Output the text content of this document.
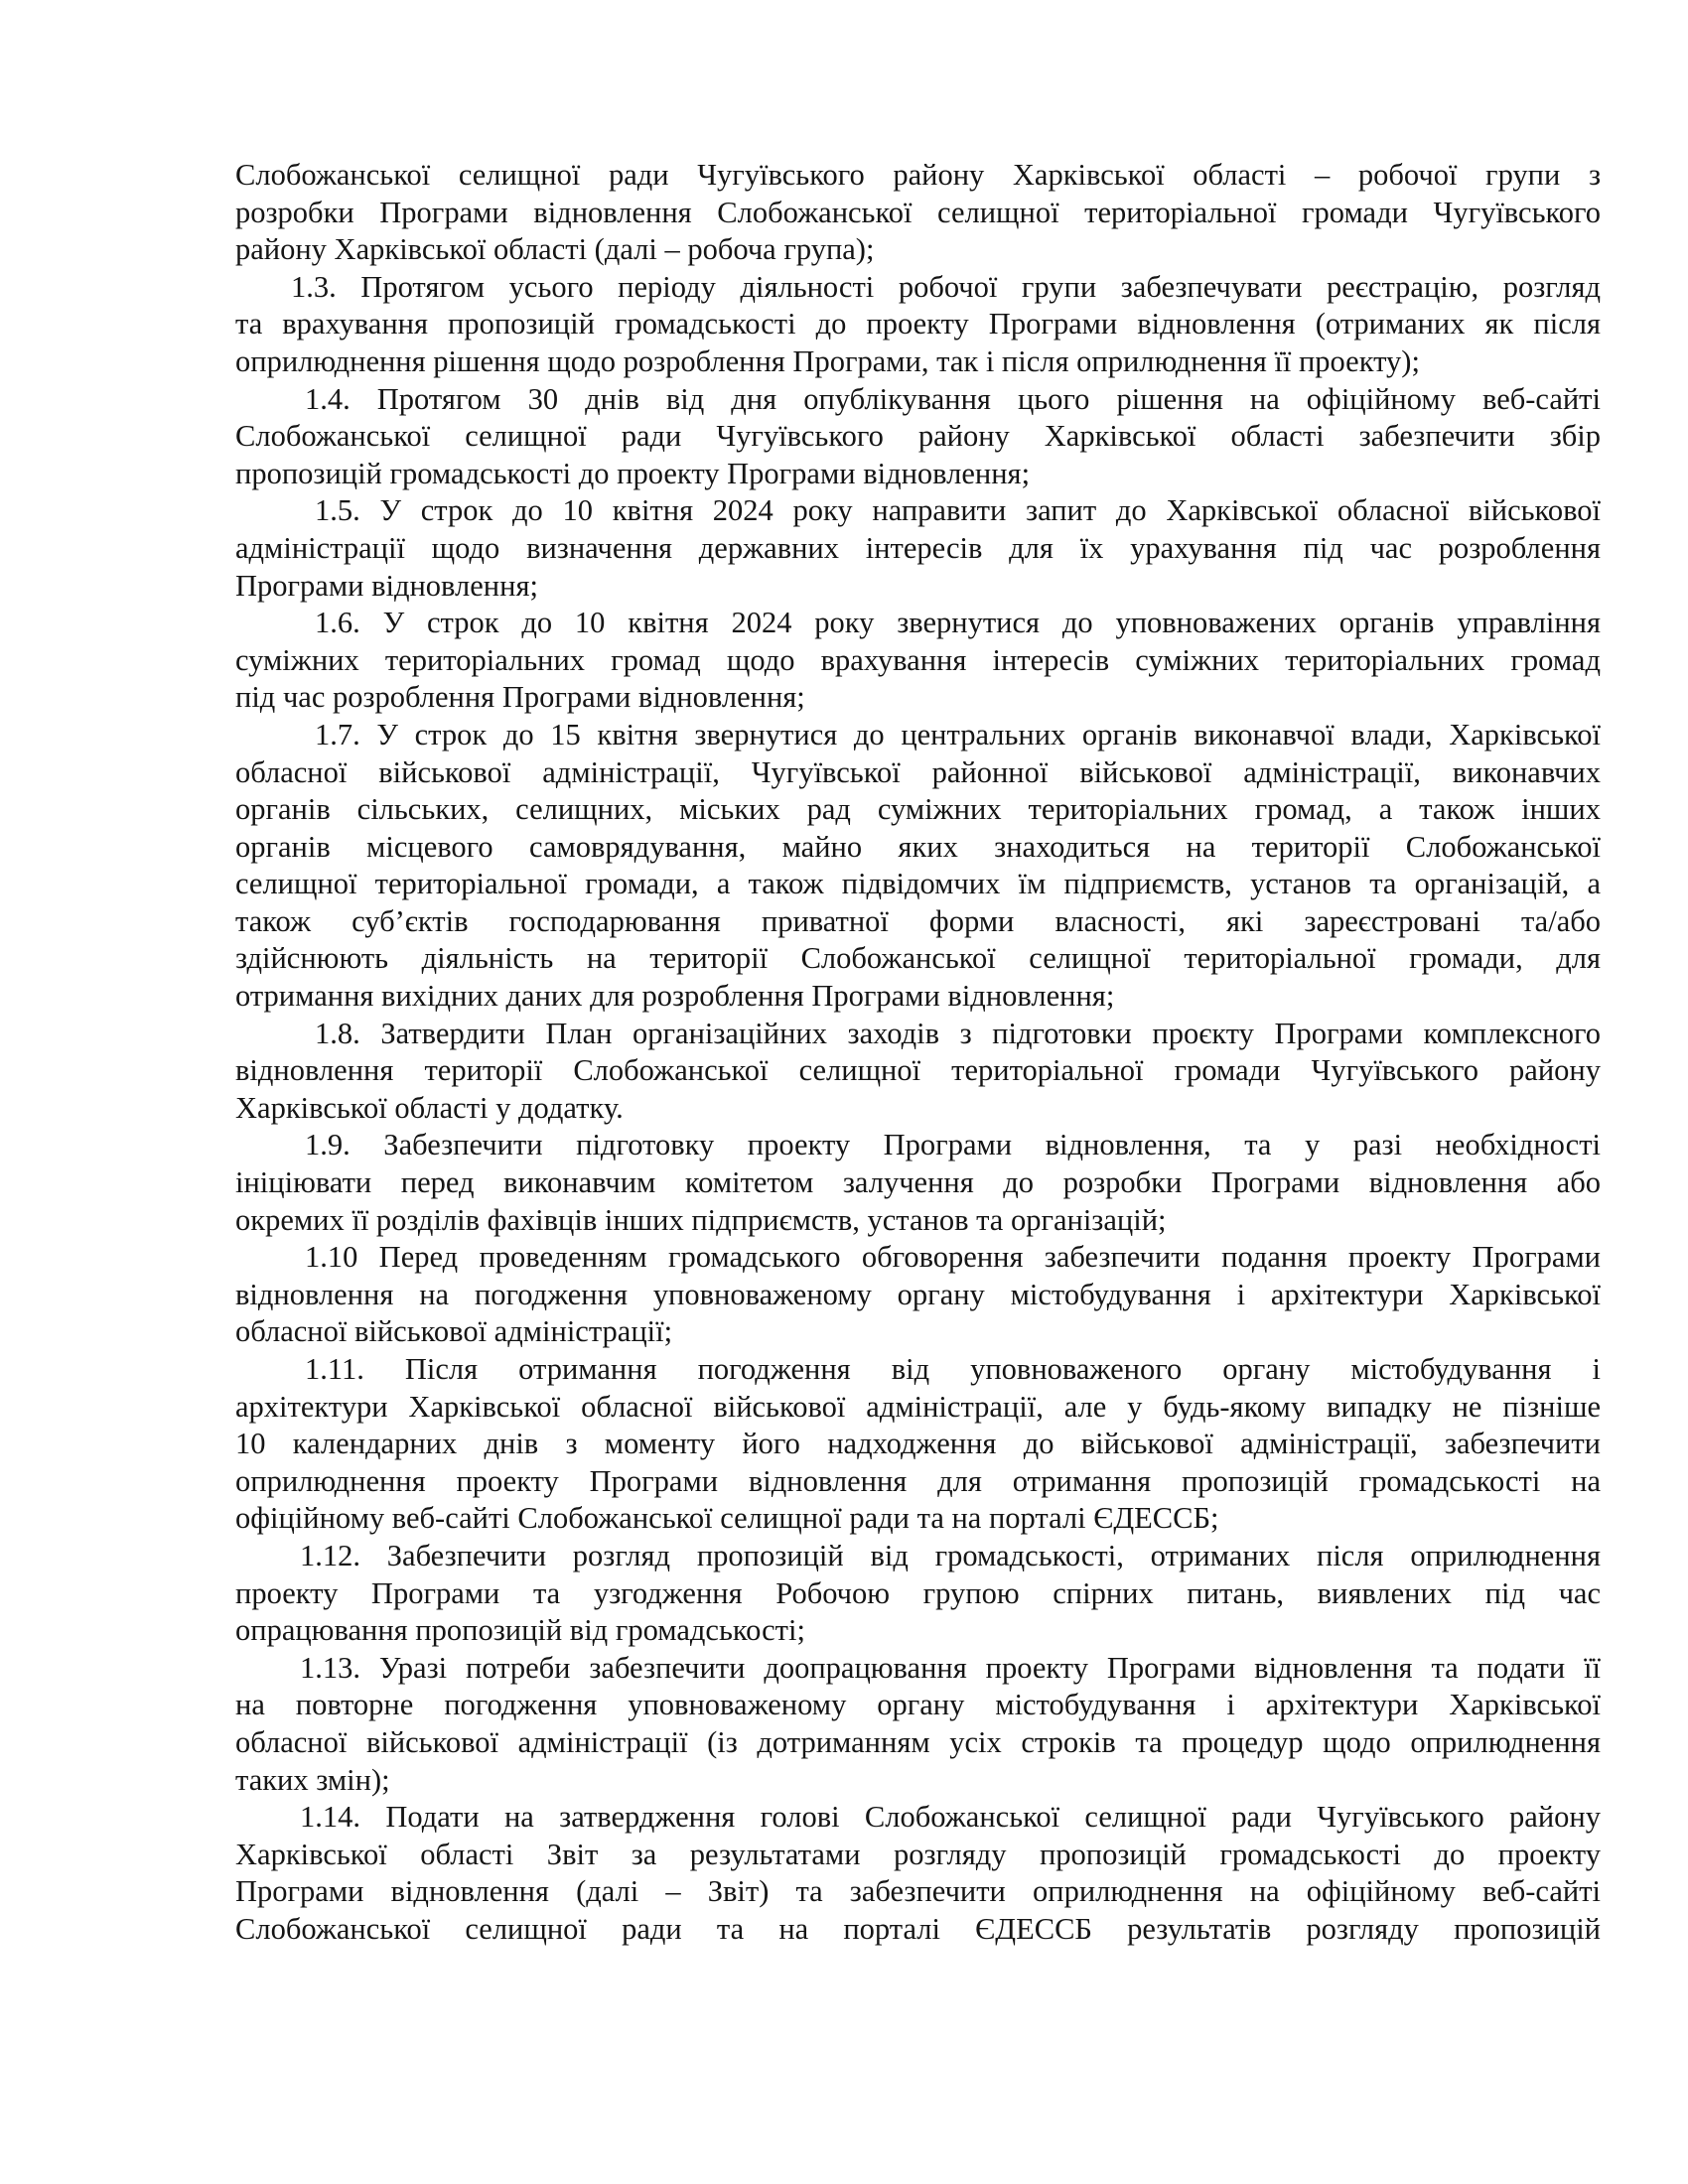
Слобожанської селищної ради Чугуївського району Харківської області – робочої групи з
розробки Програми відновлення Слобожанської селищної територіальної громади Чугуївського
району Харківської області (далі – робоча група);
1.3. Протягом усього періоду діяльності робочої групи забезпечувати реєстрацію, розгляд
та врахування пропозицій громадськості до проекту Програми відновлення (отриманих як після
оприлюднення рішення щодо розроблення Програми, так і після оприлюднення її проекту);
1.4. Протягом 30 днів від дня опублікування цього рішення на офіційному веб-сайті
Слобожанської селищної ради Чугуївського району Харківської області забезпечити збір
пропозицій громадськості до проекту Програми відновлення;
1.5. У строк до 10 квітня 2024 року направити запит до Харківської обласної військової
адміністрації щодо визначення державних інтересів для їх урахування під час розроблення
Програми відновлення;
1.6. У строк до 10 квітня 2024 року звернутися до уповноважених органів управління
суміжних територіальних громад щодо врахування інтересів суміжних територіальних громад
під час розроблення Програми відновлення;
1.7. У строк до 15 квітня звернутися до центральних органів виконавчої влади, Харківської
обласної військової адміністрації, Чугуївської районної військової адміністрації, виконавчих
органів сільських, селищних, міських рад суміжних територіальних громад, а також інших
органів місцевого самоврядування, майно яких знаходиться на території Слобожанської
селищної територіальної громади, а також підвідомчих їм підприємств, установ та організацій, а
також суб’єктів господарювання приватної форми власності, які зареєстровані та/або
здійснюють діяльність на території Слобожанської селищної територіальної громади, для
отримання вихідних даних для розроблення Програми відновлення;
1.8. Затвердити План організаційних заходів з підготовки проєкту Програми комплексного
відновлення території Слобожанської селищної територіальної громади Чугуївського району
Харківської області у додатку.
1.9. Забезпечити підготовку проекту Програми відновлення, та у разі необхідності
ініціювати перед виконавчим комітетом залучення до розробки Програми відновлення або
окремих її розділів фахівців інших підприємств, установ та організацій;
1.10 Перед проведенням громадського обговорення забезпечити подання проекту Програми
відновлення на погодження уповноваженому органу містобудування і архітектури Харківської
обласної військової адміністрації;
1.11. Після отримання погодження від уповноваженого органу містобудування і
архітектури Харківської обласної військової адміністрації, але у будь-якому випадку не пізніше
10 календарних днів з моменту його надходження до військової адміністрації, забезпечити
оприлюднення проекту Програми відновлення для отримання пропозицій громадськості на
офіційному веб-сайті Слобожанської селищної ради та на порталі ЄДЕССБ;
1.12. Забезпечити розгляд пропозицій від громадськості, отриманих після оприлюднення
проекту Програми та узгодження Робочою групою спірних питань, виявлених під час
опрацювання пропозицій від громадськості;
1.13. Уразі потреби забезпечити доопрацювання проекту Програми відновлення та подати її
на повторне погодження уповноваженому органу містобудування і архітектури Харківської
обласної військової адміністрації (із дотриманням усіх строків та процедур щодо оприлюднення
таких змін);
1.14. Подати на затвердження голові Слобожанської селищної ради Чугуївського району
Харківської області Звіт за результатами розгляду пропозицій громадськості до проекту
Програми відновлення (далі – Звіт) та забезпечити оприлюднення на офіційному веб-сайті
Слобожанської селищної ради та на порталі ЄДЕССБ результатів розгляду пропозицій
